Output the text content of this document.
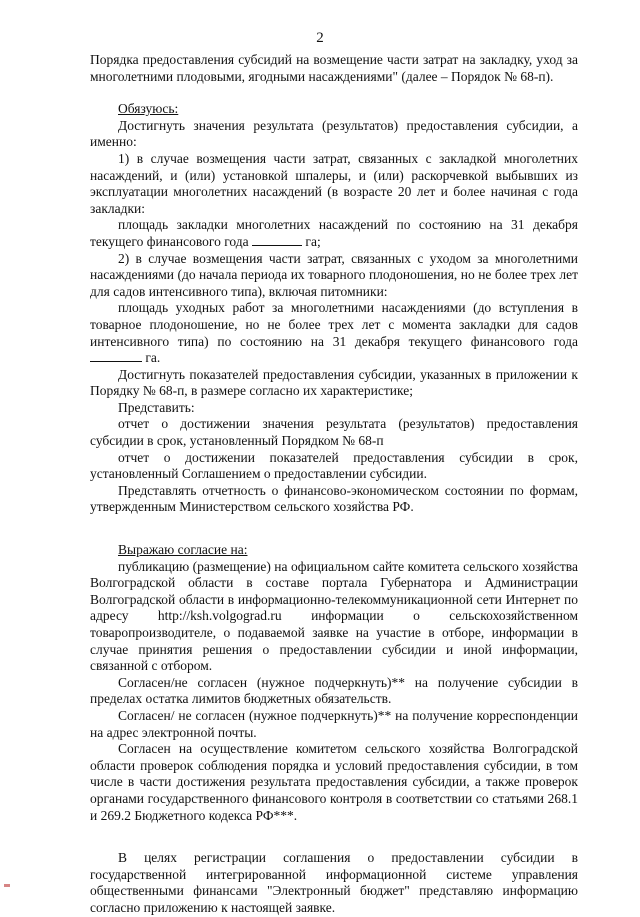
2

Порядка предоставления субсидий на возмещение части затрат на закладку, уход за многолетними плодовыми, ягодными насаждениями" (далее – Порядок № 68-п).

Обязуюсь:

Достигнуть значения результата (результатов) предоставления субсидии, а именно:

1) в случае возмещения части затрат, связанных с закладкой многолетних насаждений, и (или) установкой шпалеры, и (или) раскорчевкой выбывших из эксплуатации многолетних насаждений (в возрасте 20 лет и более начиная с года закладки:

площадь закладки многолетних насаждений по состоянию на 31 декабря текущего финансового года	га;

2) в случае возмещения части затрат, связанных с уходом за многолетними насаждениями (до начала периода их товарного плодоношения, но не более трех лет для садов интенсивного типа), включая питомники:

площадь уходных работ за многолетними насаждениями (до вступления в товарное плодоношение, но не более трех лет с момента закладки для садов интенсивного типа) по состоянию на 31 декабря текущего финансового года  га.

Достигнуть показателей предоставления субсидии, указанных в приложении к Порядку № 68-п, в размере согласно их характеристике;

Представить:

отчет о достижении значения результата (результатов) предоставления субсидии в срок, установленный Порядком № 68-п

отчет о достижении показателей предоставления субсидии в срок, установленный Соглашением о предоставлении субсидии.

Представлять отчетность о финансово-экономическом состоянии по формам, утвержденным Министерством сельского хозяйства РФ.

Выражаю согласие на:

публикацию (размещение) на официальном сайте комитета сельского хозяйства Волгоградской области в составе портала Губернатора и Администрации Волгоградской области в информационно-телекоммуникационной сети Интернет по адресу http://ksh.volgograd.ru информации о сельскохозяйственном товаропроизводителе, о подаваемой заявке на участие в отборе, информации в случае принятия решения о предоставлении субсидии и иной информации, связанной с отбором.

Согласен/не согласен (нужное подчеркнуть)** на получение субсидии в пределах остатка лимитов бюджетных обязательств.

Согласен/ не согласен (нужное подчеркнуть)** на получение корреспонденции на адрес электронной почты.

Согласен на осуществление комитетом сельского хозяйства Волгоградской области проверок соблюдения порядка и условий предоставления субсидии, в том числе в части достижения результата предоставления субсидии, а также проверок органами государственного финансового контроля в соответствии со статьями 268.1 и 269.2 Бюджетного кодекса РФ***.

В целях регистрации соглашения о предоставлении субсидии в государственной интегрированной информационной системе управления общественными финансами "Электронный бюджет" представляю информацию согласно приложению к настоящей заявке.
